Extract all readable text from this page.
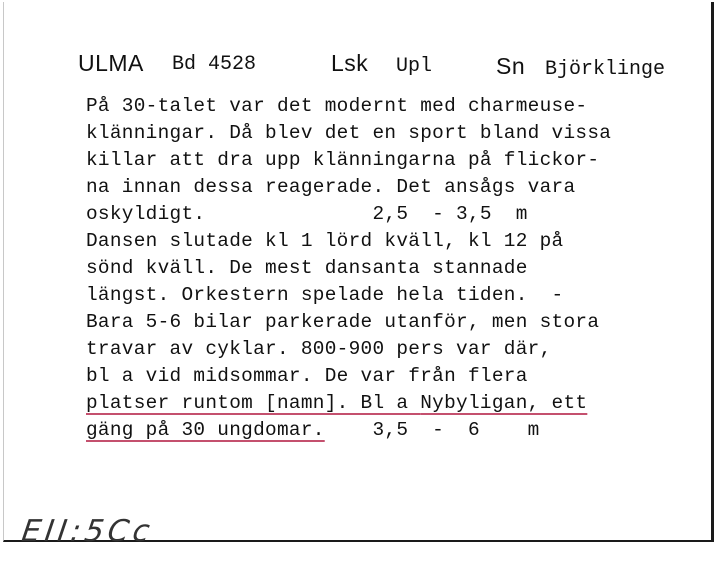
ULMA Bd 4528	Lsk Upl	Sn Björklinge
På 30-talet var det modernt med charmeuse-
klänningar. Då blev det en sport bland vissa
killar att dra upp klänningarna på flickor-
na innan dessa reagerade. Det ansågs vara
oskyldigt.              2,5  - 3,5  m
Dansen slutade kl 1 lörd kväll, kl 12 på
sönd kväll. De mest dansanta stannade
längst. Orkestern spelade hela tiden.  -
Bara 5-6 bilar parkerade utanför, men stora
travar av cyklar. 800-900 pers var där,
bl a vid midsommar. De var från flera
platser runtom [namn]. Bl a Nybyligan, ett
gäng på 30 ungdomar.    3,5  -  6    m
EII:5Cc
